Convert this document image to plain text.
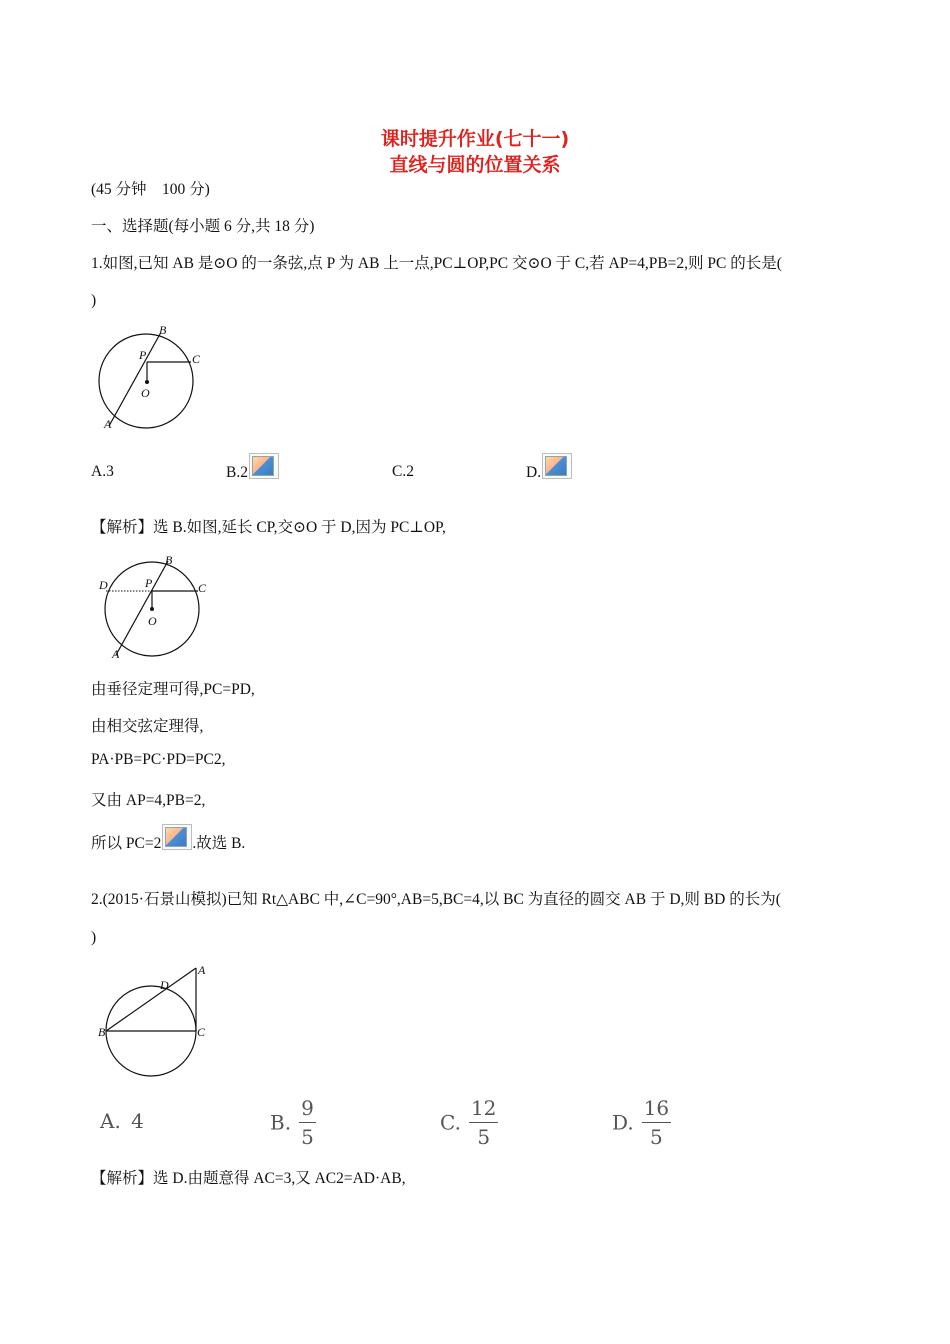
课时提升作业(七十一)
直线与圆的位置关系
(45 分钟　100 分)
一、选择题(每小题 6 分,共 18 分)
1.如图,已知 AB 是⊙O 的一条弦,点 P 为 AB 上一点,PC⊥OP,PC 交⊙O 于 C,若 AP=4,PB=2,则 PC 的长是(
)
B
P	C
O
A
A.3	B.2	C.2	D.
【解析】选 B.如图,延长 CP,交⊙O 于 D,因为 PC⊥OP,
D
B
P	C
O
A
由垂径定理可得,PC=PD,
由相交弦定理得,
PA·PB=PC·PD=PC2,
又由 AP=4,PB=2,
所以 PC=2 .故选 B.
2.(2015·石景山模拟)已知 Rt△ABC 中,∠C=90°,AB=5,BC=4,以 BC 为直径的圆交 AB 于 D,则 BD 的长为(
)
A
D
B	C
A. 4	B. $\frac{9}{5}$	C. $\frac{12}{5}$	D. $\frac{16}{5}$
【解析】选 D.由题意得 AC=3,又 AC2=AD·AB,
